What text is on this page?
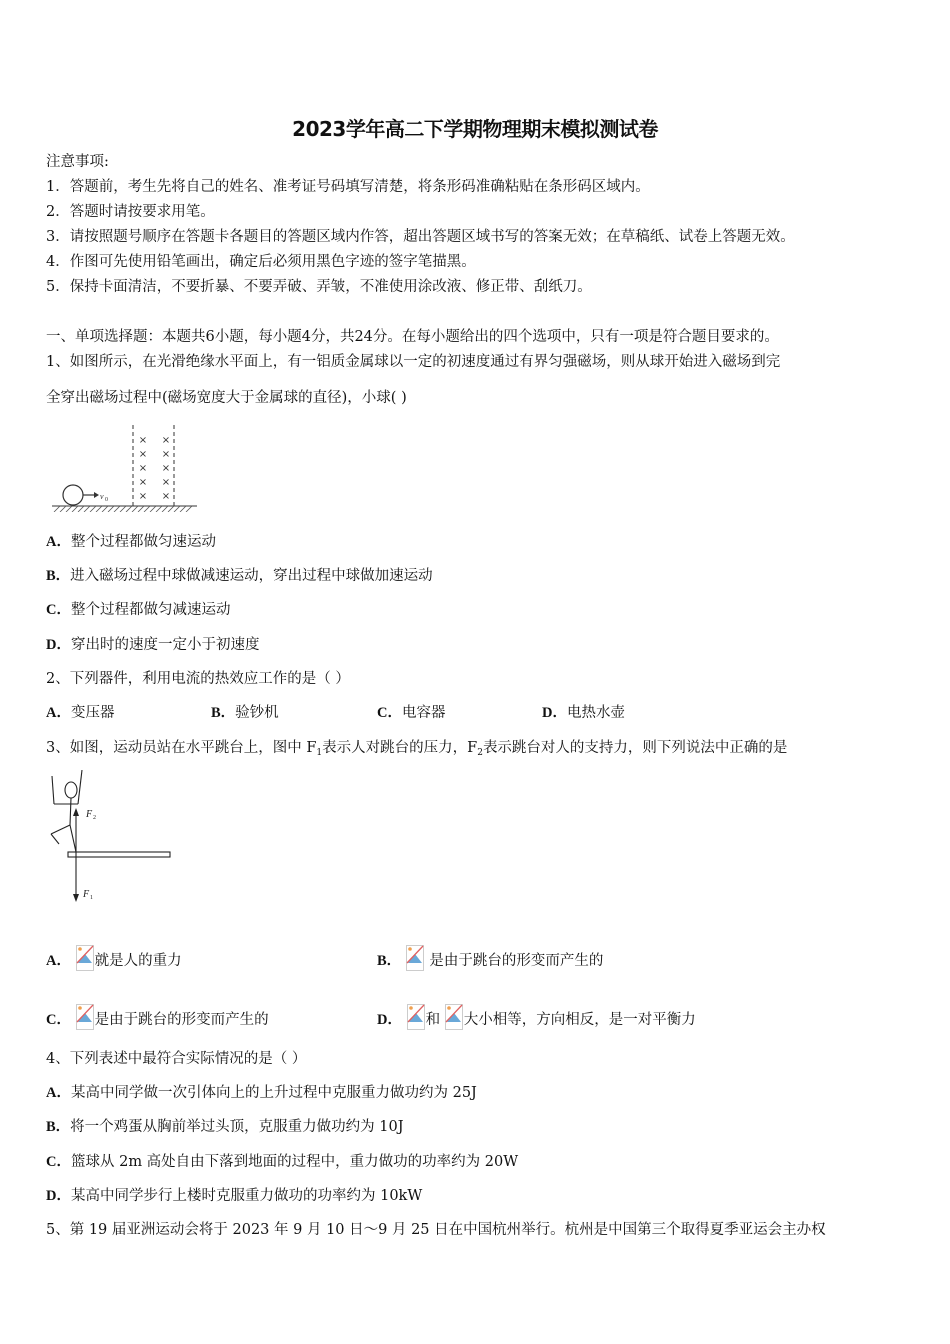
2023学年高二下学期物理期末模拟测试卷
注意事项:
1．答题前，考生先将自己的姓名、准考证号码填写清楚，将条形码准确粘贴在条形码区域内。
2．答题时请按要求用笔。
3．请按照题号顺序在答题卡各题目的答题区域内作答，超出答题区域书写的答案无效；在草稿纸、试卷上答题无效。
4．作图可先使用铅笔画出，确定后必须用黑色字迹的签字笔描黑。
5．保持卡面清洁，不要折暴、不要弄破、弄皱，不准使用涂改液、修正带、刮纸刀。
一、单项选择题：本题共6小题，每小题4分，共24分。在每小题给出的四个选项中，只有一项是符合题目要求的。
1、如图所示，在光滑绝缘水平面上，有一铝质金属球以一定的初速度通过有界匀强磁场，则从球开始进入磁场到完
全穿出磁场过程中(磁场宽度大于金属球的直径)，小球( )
v 0
× ×
× ×
× ×
× ×
× ×
A．整个过程都做匀速运动
B．进入磁场过程中球做减速运动，穿出过程中球做加速运动
C．整个过程都做匀减速运动
D．穿出时的速度一定小于初速度
2、下列器件，利用电流的热效应工作的是（ ）
A．变压器	B．验钞机	C．电容器	D．电热水壶
3、如图，运动员站在水平跳台上，图中 $F_1$表示人对跳台的压力，$F_2$表示跳台对人的支持力，则下列说法中正确的是
F 2
F 1
A． 就是人的重力	B．  是由于跳台的形变而产生的
C． 是由于跳台的形变而产生的	D． 和 大小相等，方向相反，是一对平衡力
4、下列表述中最符合实际情况的是（ ）
A．某高中同学做一次引体向上的上升过程中克服重力做功约为 25J
B．将一个鸡蛋从胸前举过头顶，克服重力做功约为 10J
C．篮球从 2m 高处自由下落到地面的过程中，重力做功的功率约为 20W
D．某高中同学步行上楼时克服重力做功的功率约为 10kW
5、第 19 届亚洲运动会将于 2023 年 9 月 10 日～9 月 25 日在中国杭州举行。杭州是中国第三个取得夏季亚运会主办权
